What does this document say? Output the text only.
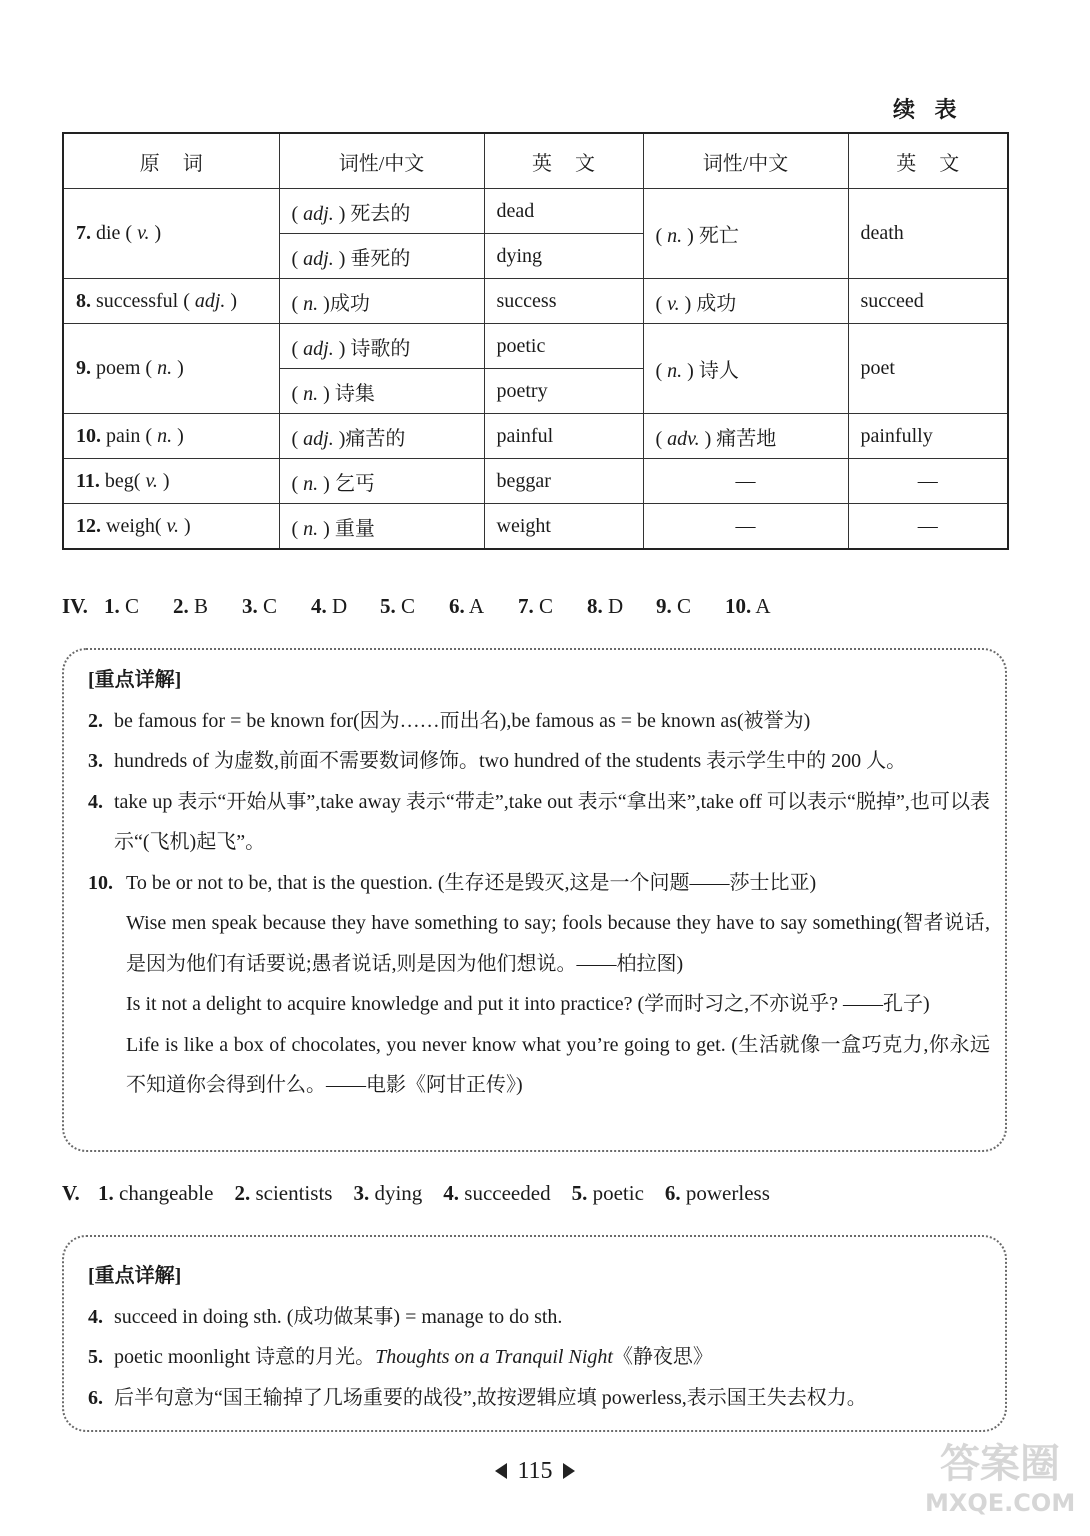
续 表
原 词	词性/中文	英 文	词性/中文	英 文
7. die ( v. )	( adj. ) 死去的	dead	( n. ) 死亡	death
	( adj. ) 垂死的	dying		
8. successful ( adj. )	( n. )成功	success	( v. ) 成功	succeed
9. poem ( n. )	( adj. ) 诗歌的	poetic	( n. ) 诗人	poet
	( n. ) 诗集	poetry		
10. pain ( n. )	( adj. )痛苦的	painful	( adv. ) 痛苦地	painfully
11. beg( v. )	( n. ) 乞丐	beggar	—	—
12. weigh( v. )	( n. ) 重量	weight	—	—
IV. 1. C 2. B 3. C 4. D 5. C 6. A 7. C 8. D 9. C 10. A
[重点详解]
2. be famous for = be known for(因为……而出名),be famous as = be known as(被誉为)
3. hundreds of 为虚数,前面不需要数词修饰。two hundred of the students 表示学生中的 200 人。
4. take up 表示“开始从事”,take away 表示“带走”,take out 表示“拿出来”,take off 可以表示“脱掉”,也可以表示“(飞机)起飞”。
10. To be or not to be, that is the question. (生存还是毁灭,这是一个问题——莎士比亚)
Wise men speak because they have something to say; fools because they have to say something(智者说话,是因为他们有话要说;愚者说话,则是因为他们想说。——柏拉图)
Is it not a delight to acquire knowledge and put it into practice? (学而时习之,不亦说乎? ——孔子)
Life is like a box of chocolates, you never know what you’re going to get. (生活就像一盒巧克力,你永远不知道你会得到什么。——电影《阿甘正传》)
V. 1. changeable 2. scientists 3. dying 4. succeeded 5. poetic 6. powerless
[重点详解]
4. succeed in doing sth. (成功做某事) = manage to do sth.
5. poetic moonlight 诗意的月光。Thoughts on a Tranquil Night《静夜思》
6. 后半句意为“国王输掉了几场重要的战役”,故按逻辑应填 powerless,表示国王失去权力。
115	答案圈
MXQE.COM
